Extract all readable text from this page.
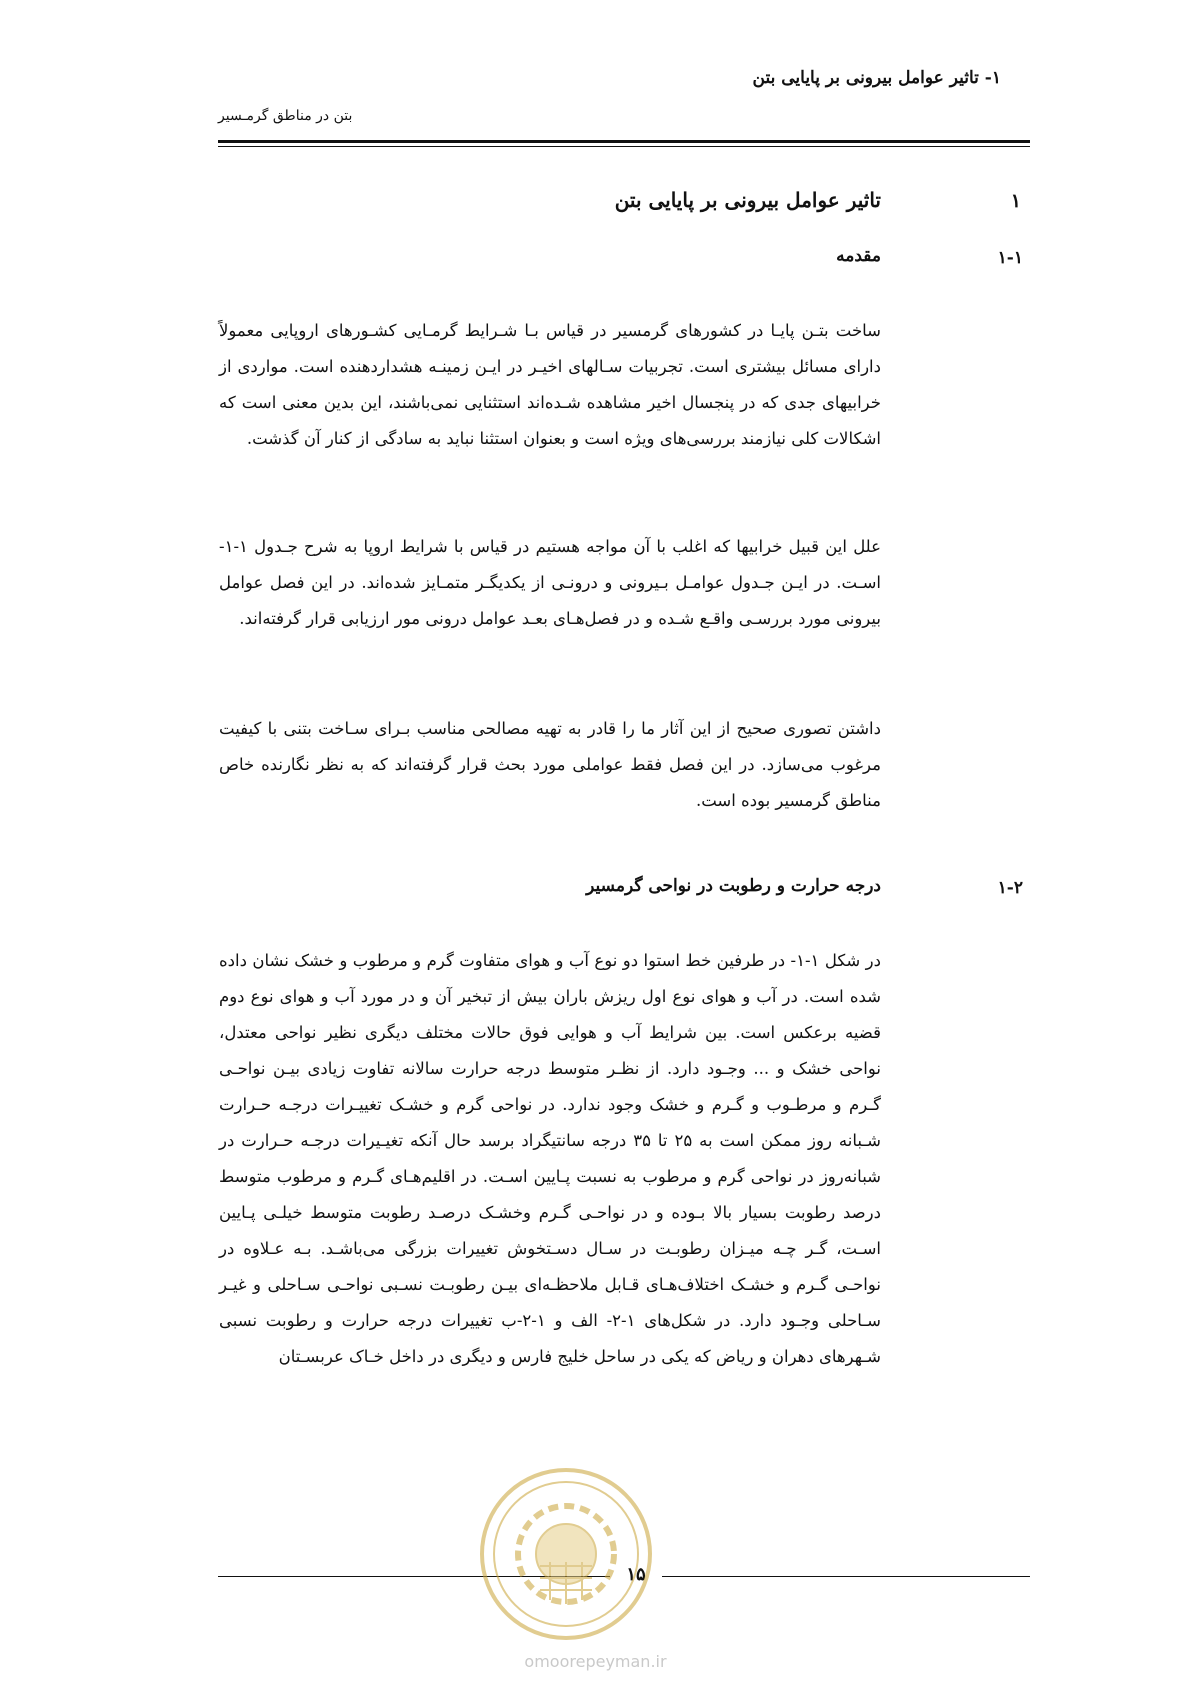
۱- تاثیر عوامل بیرونی بر پایایی بتن
بتن در مناطق گرمـسیر
۱
تاثیر عوامل بیرونی بر پایایی بتن
۱-۱
مقدمه

ساخت بتـن پایـا در کشورهای گرمسیر در قیاس بـا شـرایط گرمـایی کشـورهای اروپایی معمولاً دارای مسائل بیشتری است. تجربیات سـالهای اخیـر در ایـن زمینـه هشداردهنده است. مواردی از خرابیهای جدی که در پنجسال اخیر مشاهده شـده‌اند استثنایی نمی‌باشند، این بدین معنی است که اشکالات کلی نیازمند بررسی‌های ویژه است و بعنوان استثنا نباید به سادگی از کنار آن گذشت.

علل این قبیل خرابیها که اغلب با آن مواجه هستیم در قیاس با شرایط اروپا به شرح جـدول ۱-۱- اسـت. در ایـن جـدول عوامـل بـیرونی و درونـی از یکدیگـر متمـایز شده‌اند. در این فصل عوامل بیرونی مورد بررسـی واقـع شـده و در فصل‌هـای بعـد عوامل درونی مور ارزیابی قرار گرفته‌اند.

داشتن تصوری صحیح از این آثار ما را قادر به تهیه مصالحی مناسب بـرای سـاخت بتنی با کیفیت مرغوب می‌سازد. در این فصل فقط عواملی مورد بحث قرار گرفته‌اند که به نظر نگارنده خاص مناطق گرمسیر بوده است.

۱-۲
درجه حرارت و رطوبت در نواحی گرمسیر

در شکل ۱-۱- در طرفین خط استوا دو نوع آب و هوای متفاوت گرم و مرطوب و خشک نشان داده شده است. در آب و هوای نوع اول ریزش باران بیش از تبخیر آن و در مورد آب و هوای نوع دوم قضیه برعکس است. بین شرایط آب و هوایی فوق حالات مختلف دیگری نظیر نواحی معتدل، نواحی خشک و ... وجـود دارد. از نظـر متوسط درجه حرارت سالانه تفاوت زیادی بیـن نواحـی گـرم و مرطـوب و گـرم و خشک وجود ندارد. در نواحی گرم و خشـک تغییـرات درجـه حـرارت شـبانه روز ممکن است به ۲۵ تا ۳۵ درجه سانتیگراد برسد حال آنکه تغیـیرات درجـه حـرارت در شبانه‌روز در نواحی گرم و مرطوب به نسبت پـایین اسـت. در اقلیم‌هـای گـرم و مرطوب متوسط درصد رطوبت بسیار بالا بـوده و در نواحـی گـرم وخشـک درصـد رطوبت متوسط خیلـی پـایین اسـت، گـر چـه میـزان رطوبـت در سـال دسـتخوش تغییرات بزرگی می‌باشـد. بـه عـلاوه در نواحـی گـرم و خشـک اختلاف‌هـای قـابل ملاحظـه‌ای بیـن رطوبـت نسـبی نواحـی سـاحلی و غیـر سـاحلی وجـود دارد. در شکل‌های ۱-۲- الف و ۱-۲-ب تغییرات درجه حرارت و رطوبت نسبی شـهرهای دهران و ریاض که یکی در ساحل خلیج فارس و دیگری در داخل خـاک عربسـتان

۱۵
omoorepeyman.ir
